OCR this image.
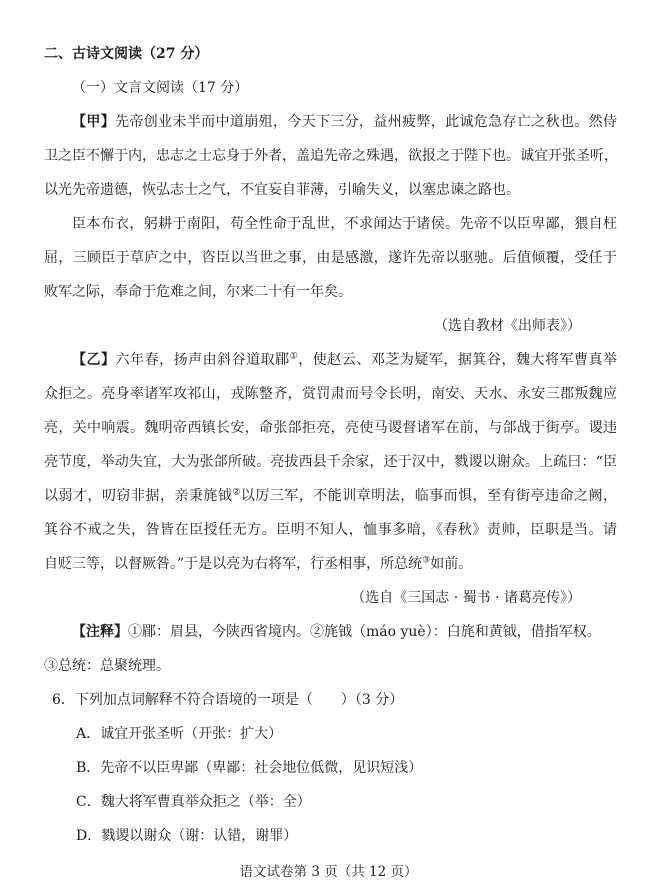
二、古诗文阅读（27 分）
（一）文言文阅读（17 分）
【甲】先帝创业未半而中道崩殂，今天下三分，益州疲弊，此诚危急存亡之秋也。然侍
卫之臣不懈于内，忠志之士忘身于外者，盖追先帝之殊遇，欲报之于陛下也。诚宜开张圣听，
以光先帝遗德，恢弘志士之气，不宜妄自菲薄，引喻失义，以塞忠谏之路也。
臣本布衣，躬耕于南阳，苟全性命于乱世，不求闻达于诸侯。先帝不以臣卑鄙，猥自枉
屈，三顾臣于草庐之中，咨臣以当世之事，由是感激，遂许先帝以驱驰。后值倾覆，受任于
败军之际，奉命于危难之间，尔来二十有一年矣。
（选自教材《出师表》）
【乙】六年春，扬声由斜谷道取郿①，使赵云、邓芝为疑军，据箕谷，魏大将军曹真举
众拒之。亮身率诸军攻祁山，戎陈整齐，赏罚肃而号令长明，南安、天水、永安三郡叛魏应
亮，关中响震。魏明帝西镇长安，命张郃拒亮，亮使马谡督诸军在前，与郃战于街亭。谡违
亮节度，举动失宜，大为张郃所破。亮拔西县千余家，还于汉中，戮谡以谢众。上疏曰：“臣
以弱才，叨窃非据，亲秉旄钺②以厉三军，不能训章明法，临事而惧，至有街亭违命之阙，
箕谷不戒之失，咎皆在臣授任无方。臣明不知人，恤事多暗，《春秋》责帅，臣职是当。请
自贬三等，以督厥咎。”于是以亮为右将军，行丞相事，所总统③如前。
（选自《三国志 · 蜀书 · 诸葛亮传》）
【注释】①郿：眉县，今陕西省境内。②旄钺（máo yuè）：白旄和黄钺，借指军权。
③总统：总聚统理。
6．下列加点词解释不符合语境的一项是（　　）（3 分）
A．诚宜开张圣听（开张：扩大）
B．先帝不以臣卑鄙（卑鄙：社会地位低微，见识短浅）
C．魏大将军曹真举众拒之（举：全）
D．戮谡以谢众（谢：认错，谢罪）
语文试卷第 3 页（共 12 页）
